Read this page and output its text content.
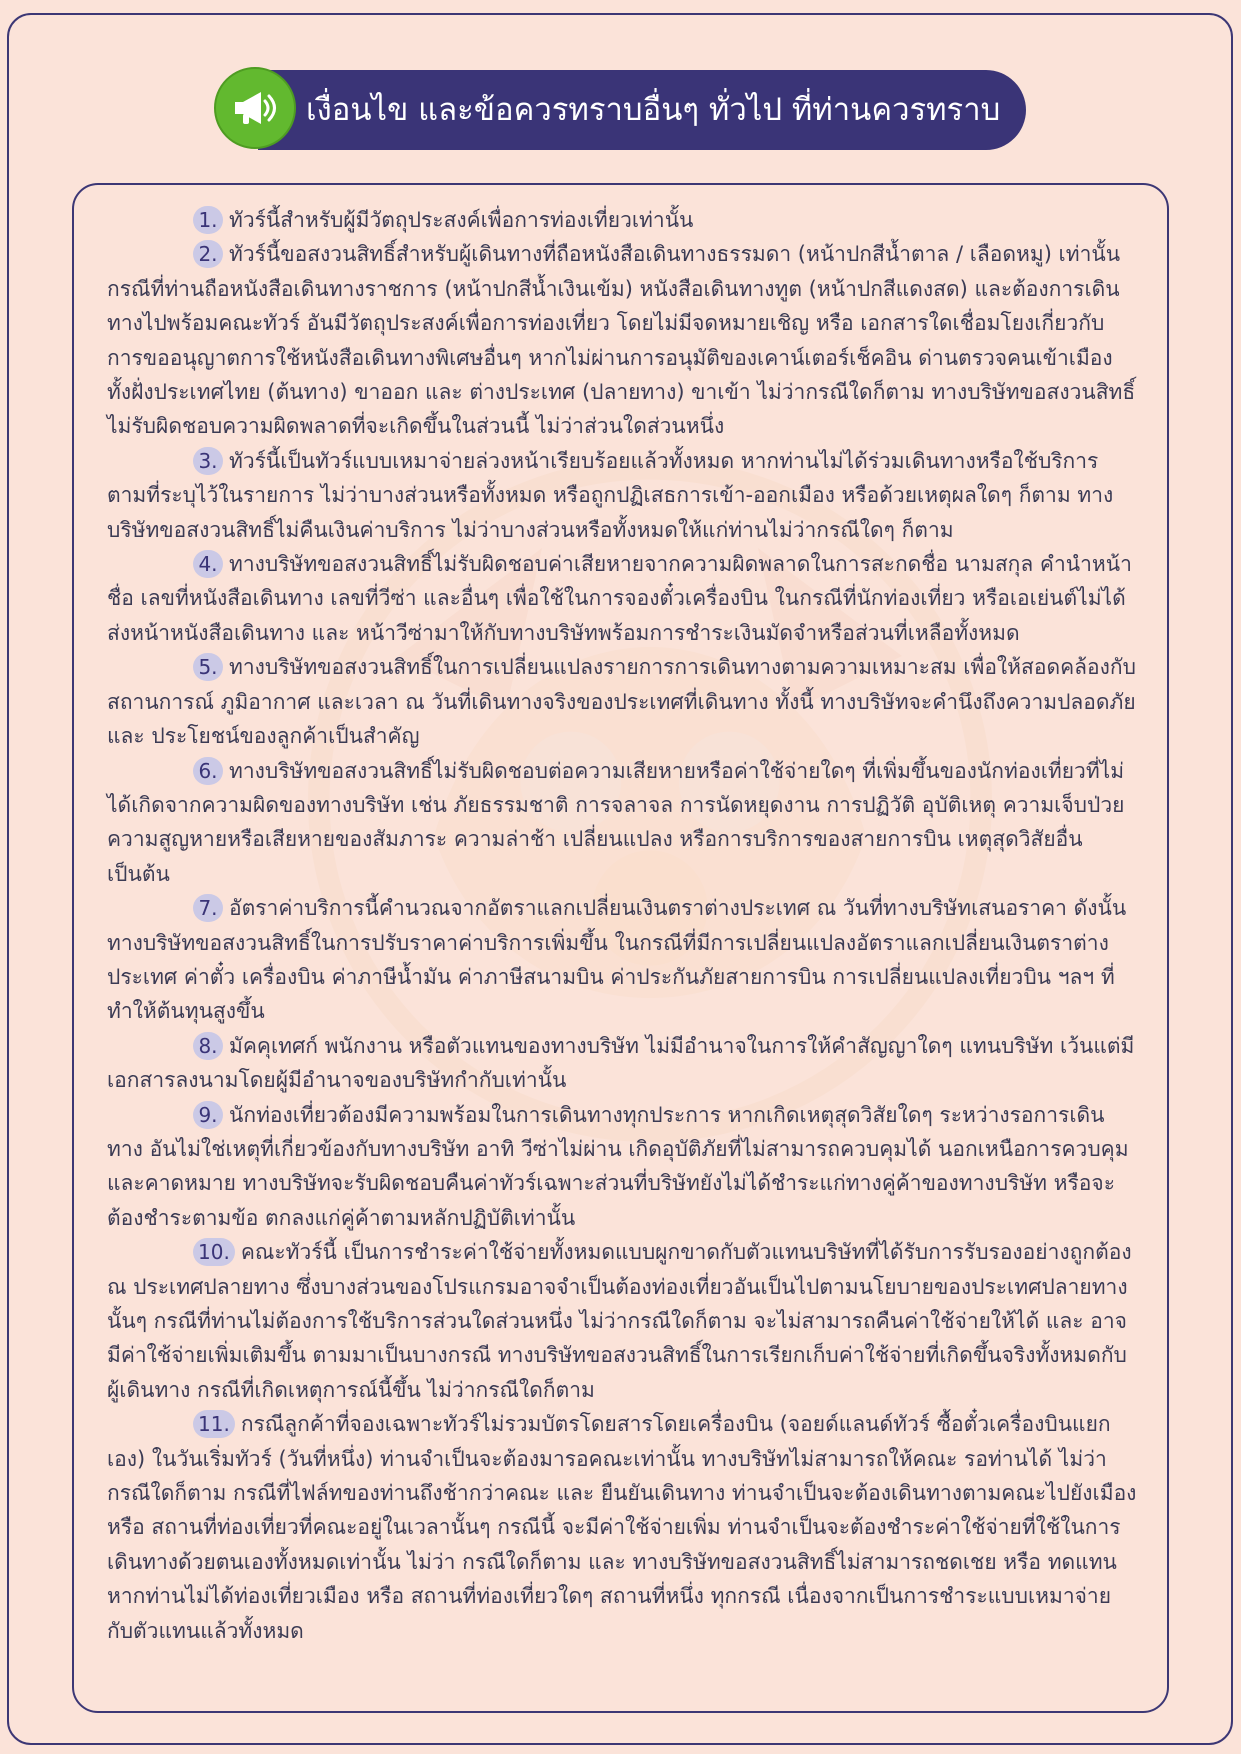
เงื่อนไข และข้อควรทราบอื่นๆ ทั่วไป ที่ท่านควรทราบ

1. ทัวร์นี้สำหรับผู้มีวัตถุประสงค์เพื่อการท่องเที่ยวเท่านั้น

2. ทัวร์นี้ขอสงวนสิทธิ์สำหรับผู้เดินทางที่ถือหนังสือเดินทางธรรมดา (หน้าปกสีน้ำตาล / เลือดหมู) เท่านั้น กรณีที่ท่านถือหนังสือเดินทางราชการ (หน้าปกสีน้ำเงินเข้ม) หนังสือเดินทางทูต (หน้าปกสีแดงสด) และต้องการเดินทางไปพร้อมคณะทัวร์ อันมีวัตถุประสงค์เพื่อการท่องเที่ยว โดยไม่มีจดหมายเชิญ หรือ เอกสารใดเชื่อมโยงเกี่ยวกับการขออนุญาตการใช้หนังสือเดินทางพิเศษอื่นๆ หากไม่ผ่านการอนุมัติของเคาน์เตอร์เช็คอิน ด่านตรวจคนเข้าเมือง ทั้งฝั่งประเทศไทย (ต้นทาง) ขาออก และ ต่างประเทศ (ปลายทาง) ขาเข้า ไม่ว่ากรณีใดก็ตาม ทางบริษัทขอสงวนสิทธิ์ไม่รับผิดชอบความผิดพลาดที่จะเกิดขึ้นในส่วนนี้ ไม่ว่าส่วนใดส่วนหนึ่ง

3. ทัวร์นี้เป็นทัวร์แบบเหมาจ่ายล่วงหน้าเรียบร้อยแล้วทั้งหมด หากท่านไม่ได้ร่วมเดินทางหรือใช้บริการตามที่ระบุไว้ในรายการ ไม่ว่าบางส่วนหรือทั้งหมด หรือถูกปฏิเสธการเข้า-ออกเมือง หรือด้วยเหตุผลใดๆ ก็ตาม ทางบริษัทขอสงวนสิทธิ์ไม่คืนเงินค่าบริการ ไม่ว่าบางส่วนหรือทั้งหมดให้แก่ท่านไม่ว่ากรณีใดๆ ก็ตาม

4. ทางบริษัทขอสงวนสิทธิ์ไม่รับผิดชอบค่าเสียหายจากความผิดพลาดในการสะกดชื่อ นามสกุล คำนำหน้าชื่อ เลขที่หนังสือเดินทาง เลขที่วีซ่า และอื่นๆ เพื่อใช้ในการจองตั๋วเครื่องบิน ในกรณีที่นักท่องเที่ยว หรือเอเย่นต์ไม่ได้ส่งหน้าหนังสือเดินทาง และ หน้าวีซ่ามาให้กับทางบริษัทพร้อมการชำระเงินมัดจำหรือส่วนที่เหลือทั้งหมด

5. ทางบริษัทขอสงวนสิทธิ์ในการเปลี่ยนแปลงรายการการเดินทางตามความเหมาะสม เพื่อให้สอดคล้องกับ สถานการณ์ ภูมิอากาศ และเวลา ณ วันที่เดินทางจริงของประเทศที่เดินทาง ทั้งนี้ ทางบริษัทจะคำนึงถึงความปลอดภัย และ ประโยชน์ของลูกค้าเป็นสำคัญ

6. ทางบริษัทขอสงวนสิทธิ์ไม่รับผิดชอบต่อความเสียหายหรือค่าใช้จ่ายใดๆ ที่เพิ่มขึ้นของนักท่องเที่ยวที่ไม่ได้เกิดจากความผิดของทางบริษัท เช่น ภัยธรรมชาติ การจลาจล การนัดหยุดงาน การปฏิวัติ อุบัติเหตุ ความเจ็บป่วย ความสูญหายหรือเสียหายของสัมภาระ ความล่าช้า เปลี่ยนแปลง หรือการบริการของสายการบิน เหตุสุดวิสัยอื่น เป็นต้น

7. อัตราค่าบริการนี้คำนวณจากอัตราแลกเปลี่ยนเงินตราต่างประเทศ ณ วันที่ทางบริษัทเสนอราคา ดังนั้น ทางบริษัทขอสงวนสิทธิ์ในการปรับราคาค่าบริการเพิ่มขึ้น ในกรณีที่มีการเปลี่ยนแปลงอัตราแลกเปลี่ยนเงินตราต่างประเทศ ค่าตั๋ว เครื่องบิน ค่าภาษีน้ำมัน ค่าภาษีสนามบิน ค่าประกันภัยสายการบิน การเปลี่ยนแปลงเที่ยวบิน ฯลฯ ที่ทำให้ต้นทุนสูงขึ้น

8. มัคคุเทศก์ พนักงาน หรือตัวแทนของทางบริษัท ไม่มีอำนาจในการให้คำสัญญาใดๆ แทนบริษัท เว้นแต่มีเอกสารลงนามโดยผู้มีอำนาจของบริษัทกำกับเท่านั้น

9. นักท่องเที่ยวต้องมีความพร้อมในการเดินทางทุกประการ หากเกิดเหตุสุดวิสัยใดๆ ระหว่างรอการเดินทาง อันไม่ใช่เหตุที่เกี่ยวข้องกับทางบริษัท อาทิ วีซ่าไม่ผ่าน เกิดอุบัติภัยที่ไม่สามารถควบคุมได้ นอกเหนือการควบคุมและคาดหมาย ทางบริษัทจะรับผิดชอบคืนค่าทัวร์เฉพาะส่วนที่บริษัทยังไม่ได้ชำระแก่ทางคู่ค้าของทางบริษัท หรือจะต้องชำระตามข้อ ตกลงแก่คู่ค้าตามหลักปฏิบัติเท่านั้น

10. คณะทัวร์นี้ เป็นการชำระค่าใช้จ่ายทั้งหมดแบบผูกขาดกับตัวแทนบริษัทที่ได้รับการรับรองอย่างถูกต้อง ณ ประเทศปลายทาง ซึ่งบางส่วนของโปรแกรมอาจจำเป็นต้องท่องเที่ยวอันเป็นไปตามนโยบายของประเทศปลายทางนั้นๆ กรณีที่ท่านไม่ต้องการใช้บริการส่วนใดส่วนหนึ่ง ไม่ว่ากรณีใดก็ตาม จะไม่สามารถคืนค่าใช้จ่ายให้ได้ และ อาจมีค่าใช้จ่ายเพิ่มเติมขึ้น ตามมาเป็นบางกรณี ทางบริษัทขอสงวนสิทธิ์ในการเรียกเก็บค่าใช้จ่ายที่เกิดขึ้นจริงทั้งหมดกับผู้เดินทาง กรณีที่เกิดเหตุการณ์นี้ขึ้น ไม่ว่ากรณีใดก็ตาม

11. กรณีลูกค้าที่จองเฉพาะทัวร์ไม่รวมบัตรโดยสารโดยเครื่องบิน (จอยด์แลนด์ทัวร์ ซื้อตั๋วเครื่องบินแยกเอง) ในวันเริ่มทัวร์ (วันที่หนึ่ง) ท่านจำเป็นจะต้องมารอคณะเท่านั้น ทางบริษัทไม่สามารถให้คณะ รอท่านได้ ไม่ว่ากรณีใดก็ตาม กรณีที่ไฟล์ทของท่านถึงช้ากว่าคณะ และ ยืนยันเดินทาง ท่านจำเป็นจะต้องเดินทางตามคณะไปยังเมือง หรือ สถานที่ท่องเที่ยวที่คณะอยู่ในเวลานั้นๆ กรณีนี้ จะมีค่าใช้จ่ายเพิ่ม ท่านจำเป็นจะต้องชำระค่าใช้จ่ายที่ใช้ในการเดินทางด้วยตนเองทั้งหมดเท่านั้น ไม่ว่า กรณีใดก็ตาม และ ทางบริษัทขอสงวนสิทธิ์ไม่สามารถชดเชย หรือ ทดแทน หากท่านไม่ได้ท่องเที่ยวเมือง หรือ สถานที่ท่องเที่ยวใดๆ สถานที่หนึ่ง ทุกกรณี เนื่องจากเป็นการชำระแบบเหมาจ่ายกับตัวแทนแล้วทั้งหมด
